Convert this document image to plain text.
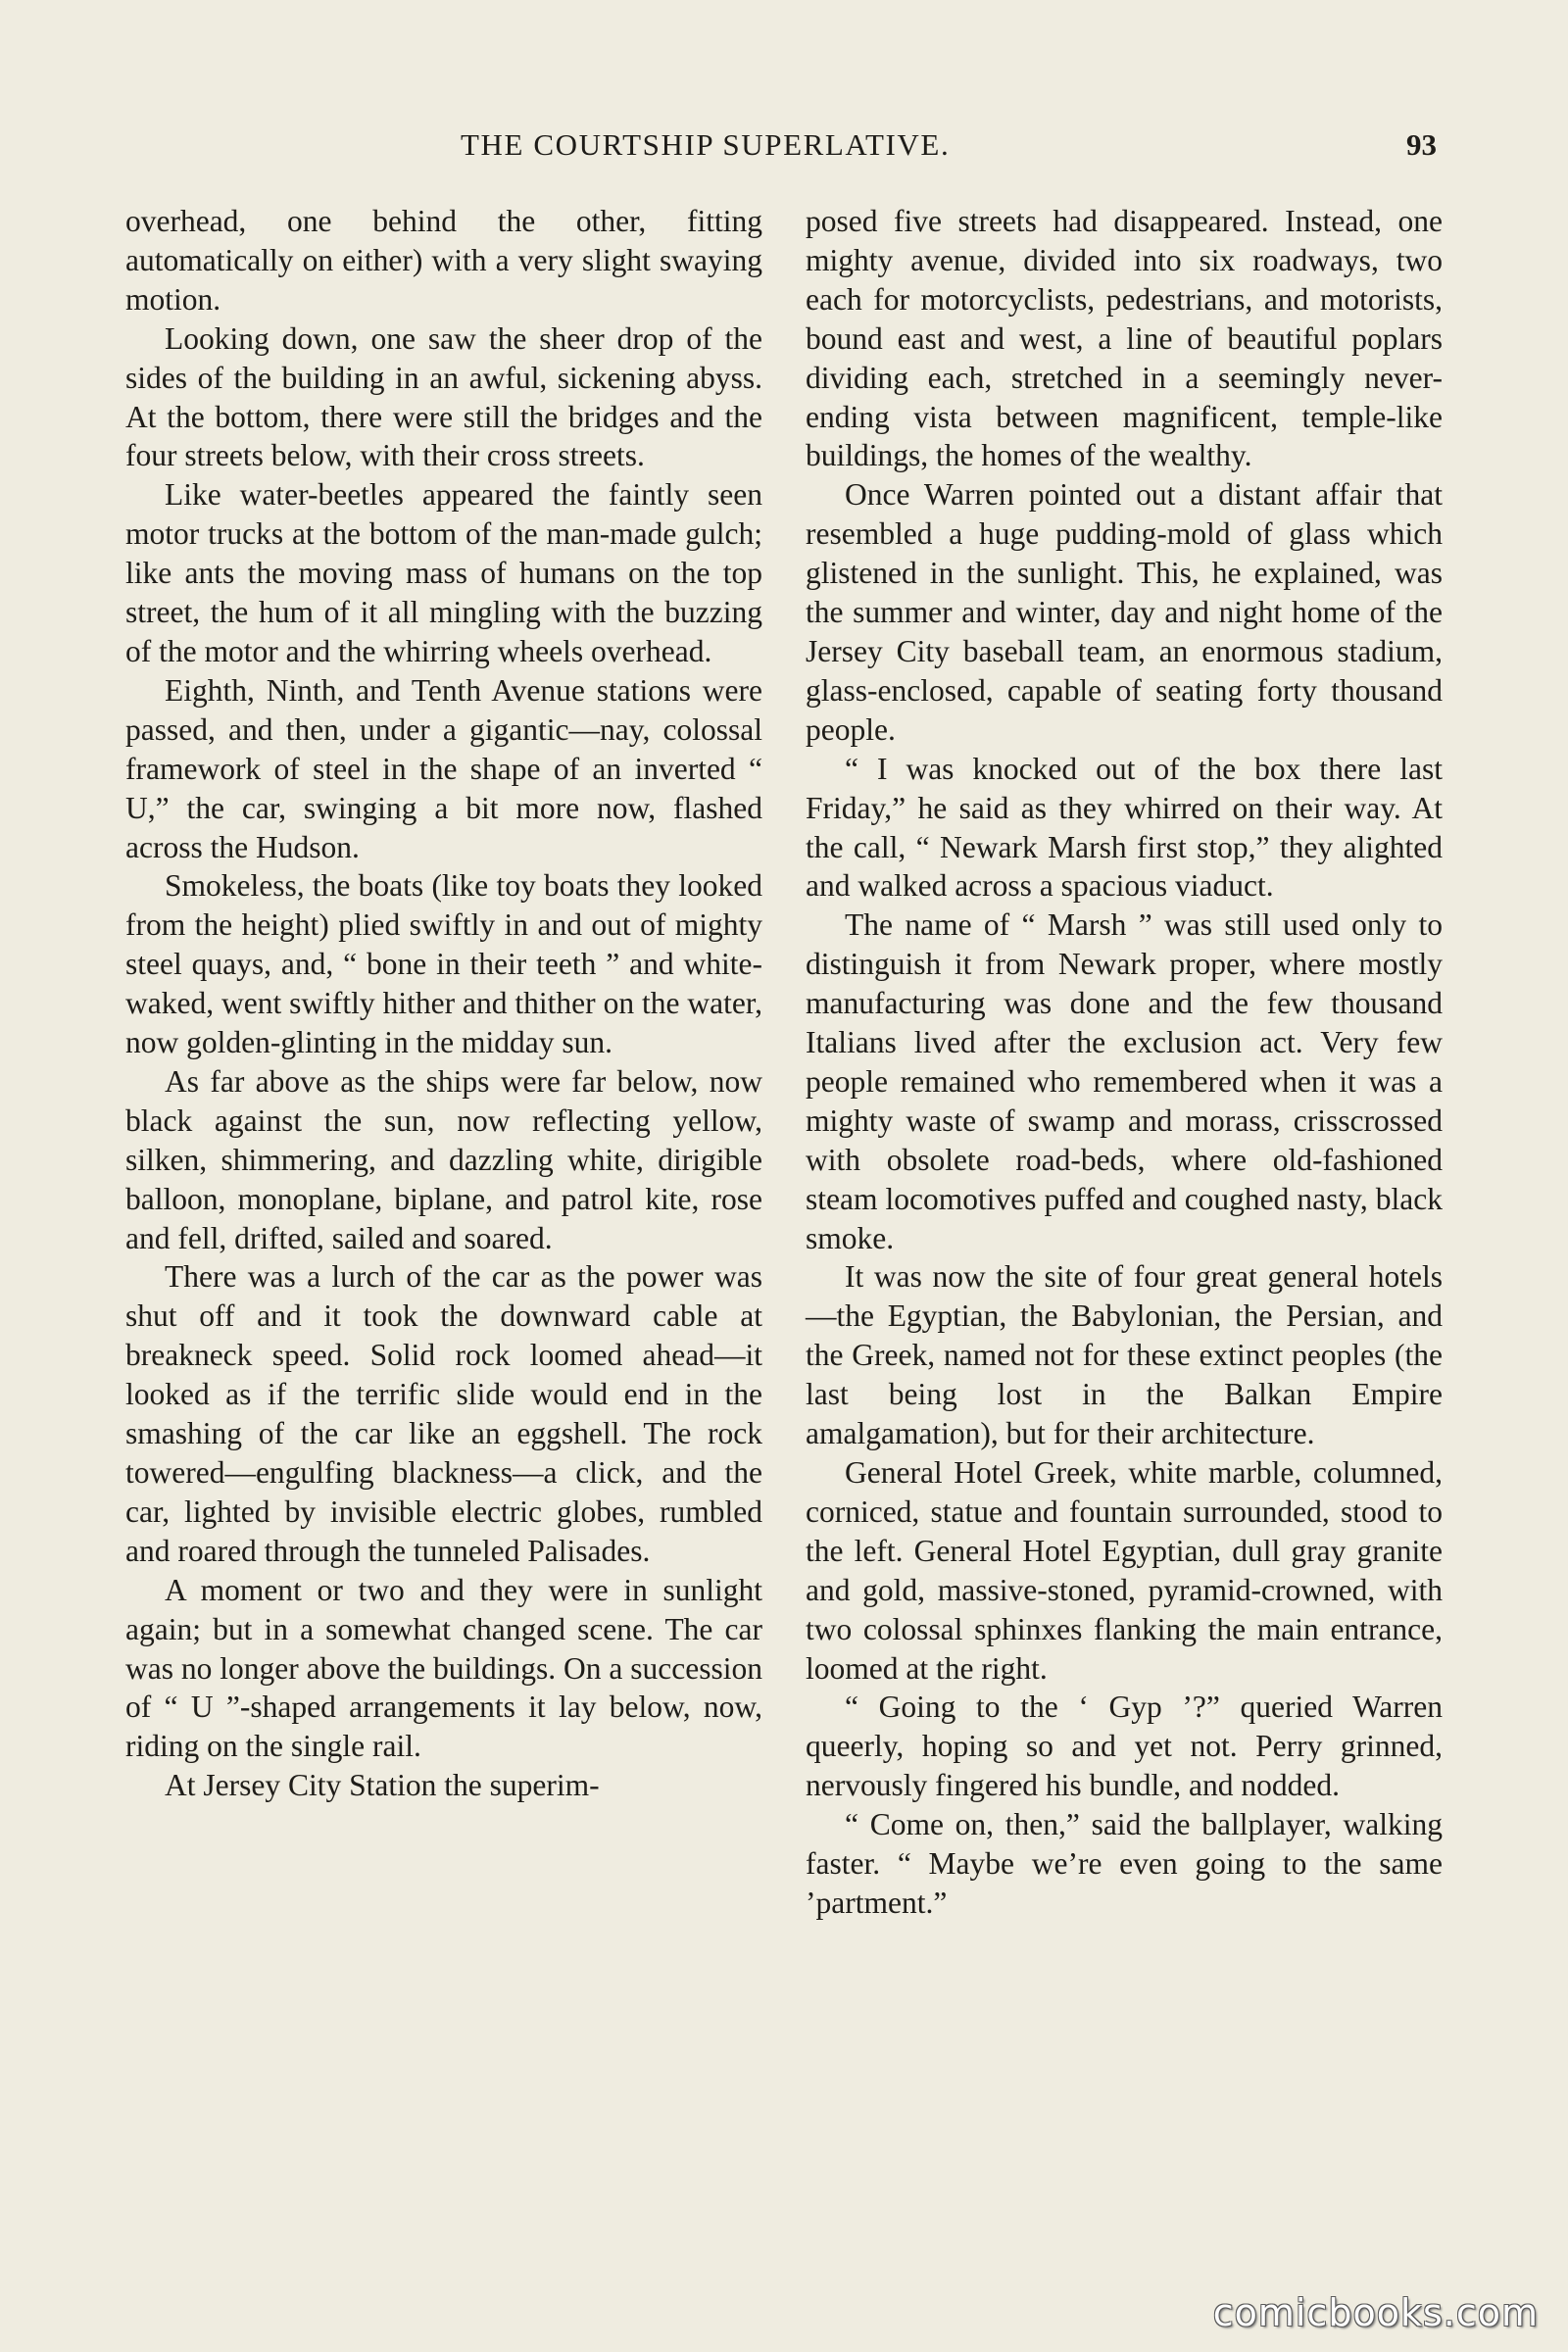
THE COURTSHIP SUPERLATIVE.	93

overhead, one behind the other, fitting automatically on either) with a very slight swaying motion.

Looking down, one saw the sheer drop of the sides of the building in an awful, sickening abyss. At the bottom, there were still the bridges and the four streets below, with their cross streets.

Like water-beetles appeared the faintly seen motor trucks at the bottom of the man-made gulch; like ants the moving mass of humans on the top street, the hum of it all mingling with the buzzing of the motor and the whirring wheels overhead.

Eighth, Ninth, and Tenth Avenue stations were passed, and then, under a gigantic—nay, colossal framework of steel in the shape of an inverted “ U,” the car, swinging a bit more now, flashed across the Hudson.

Smokeless, the boats (like toy boats they looked from the height) plied swiftly in and out of mighty steel quays, and, “ bone in their teeth ” and white-waked, went swiftly hither and thither on the water, now golden-glinting in the midday sun.

As far above as the ships were far below, now black against the sun, now reflecting yellow, silken, shimmering, and dazzling white, dirigible balloon, monoplane, biplane, and patrol kite, rose and fell, drifted, sailed and soared.

There was a lurch of the car as the power was shut off and it took the downward cable at breakneck speed. Solid rock loomed ahead—it looked as if the terrific slide would end in the smashing of the car like an eggshell. The rock towered—engulfing blackness—a click, and the car, lighted by invisible electric globes, rumbled and roared through the tunneled Palisades.

A moment or two and they were in sunlight again; but in a somewhat changed scene. The car was no longer above the buildings. On a succession of “ U ”-shaped arrangements it lay below, now, riding on the single rail.

At Jersey City Station the superim-

posed five streets had disappeared. Instead, one mighty avenue, divided into six roadways, two each for motorcyclists, pedestrians, and motorists, bound east and west, a line of beautiful poplars dividing each, stretched in a seemingly never-ending vista between magnificent, temple-like buildings, the homes of the wealthy.

Once Warren pointed out a distant affair that resembled a huge pudding-mold of glass which glistened in the sunlight. This, he explained, was the summer and winter, day and night home of the Jersey City baseball team, an enormous stadium, glass-enclosed, capable of seating forty thousand people.

“ I was knocked out of the box there last Friday,” he said as they whirred on their way. At the call, “ Newark Marsh first stop,” they alighted and walked across a spacious viaduct.

The name of “ Marsh ” was still used only to distinguish it from Newark proper, where mostly manufacturing was done and the few thousand Italians lived after the exclusion act. Very few people remained who remembered when it was a mighty waste of swamp and morass, crisscrossed with obsolete road-beds, where old-fashioned steam locomotives puffed and coughed nasty, black smoke.

It was now the site of four great general hotels—the Egyptian, the Babylonian, the Persian, and the Greek, named not for these extinct peoples (the last being lost in the Balkan Empire amalgamation), but for their architecture.

General Hotel Greek, white marble, columned, corniced, statue and fountain surrounded, stood to the left. General Hotel Egyptian, dull gray granite and gold, massive-stoned, pyramid-crowned, with two colossal sphinxes flanking the main entrance, loomed at the right.

“ Going to the ‘ Gyp ’?” queried Warren queerly, hoping so and yet not. Perry grinned, nervously fingered his bundle, and nodded.

“ Come on, then,” said the ballplayer, walking faster. “ Maybe we’re even going to the same ’partment.”

comicbooks.com
